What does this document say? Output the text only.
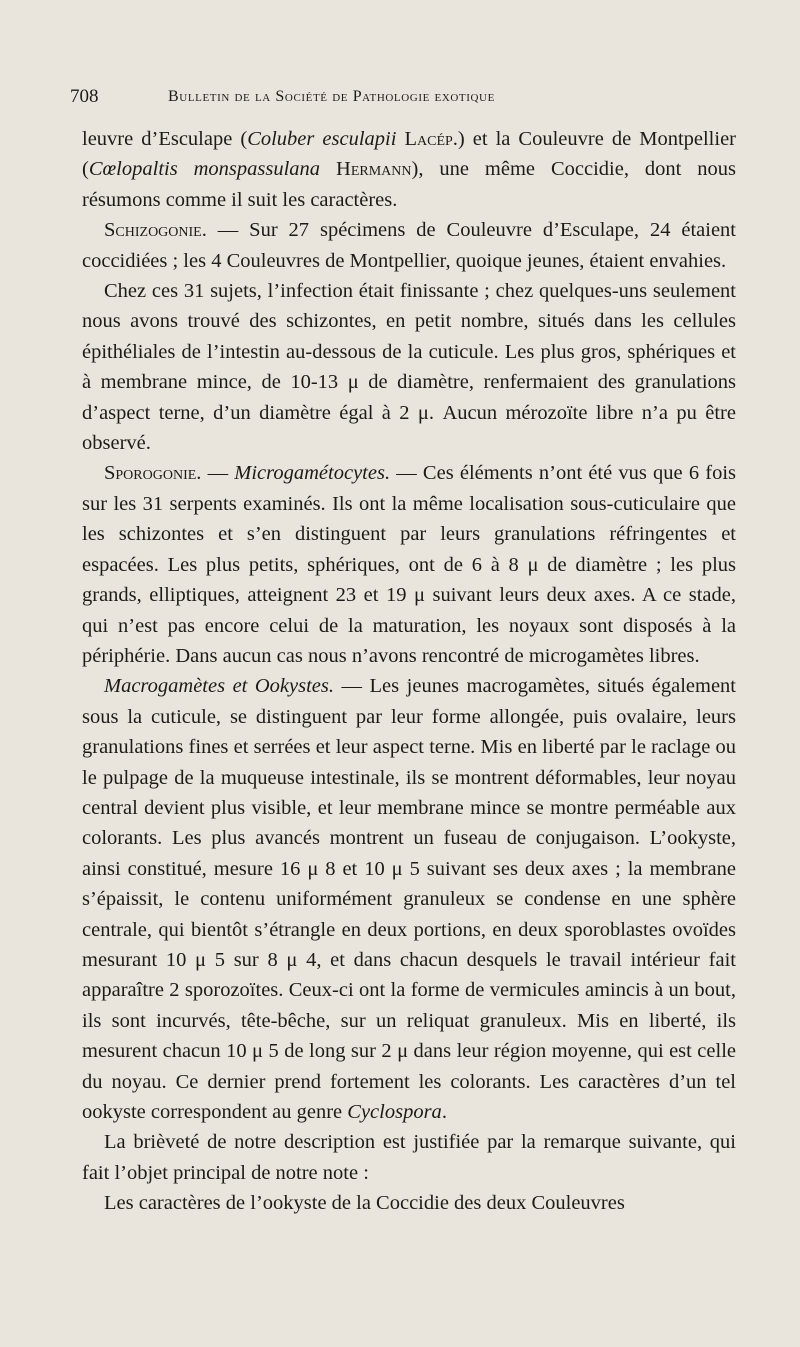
708	Bulletin de la Société de Pathologie exotique

leuvre d’Esculape (Coluber esculapii Lacép.) et la Couleuvre de Montpellier (Cœlopaltis monspassulana Hermann), une même Coccidie, dont nous résumons comme il suit les caractères.

Schizogonie. — Sur 27 spécimens de Couleuvre d’Esculape, 24 étaient coccidiées ; les 4 Couleuvres de Montpellier, quoique jeunes, étaient envahies.

Chez ces 31 sujets, l’infection était finissante ; chez quelques-uns seulement nous avons trouvé des schizontes, en petit nombre, situés dans les cellules épithéliales de l’intestin au-dessous de la cuticule. Les plus gros, sphériques et à membrane mince, de 10-13 μ de diamètre, renfermaient des granulations d’aspect terne, d’un diamètre égal à 2 μ. Aucun mérozoïte libre n’a pu être observé.

Sporogonie. — Microgamétocytes. — Ces éléments n’ont été vus que 6 fois sur les 31 serpents examinés. Ils ont la même localisation sous-cuticulaire que les schizontes et s’en distinguent par leurs granulations réfringentes et espacées. Les plus petits, sphériques, ont de 6 à 8 μ de diamètre ; les plus grands, elliptiques, atteignent 23 et 19 μ suivant leurs deux axes. A ce stade, qui n’est pas encore celui de la maturation, les noyaux sont disposés à la périphérie. Dans aucun cas nous n’avons rencontré de microgamètes libres.

Macrogamètes et Ookystes. — Les jeunes macrogamètes, situés également sous la cuticule, se distinguent par leur forme allongée, puis ovalaire, leurs granulations fines et serrées et leur aspect terne. Mis en liberté par le raclage ou le pulpage de la muqueuse intestinale, ils se montrent déformables, leur noyau central devient plus visible, et leur membrane mince se montre perméable aux colorants. Les plus avancés montrent un fuseau de conjugaison. L’ookyste, ainsi constitué, mesure 16 μ 8 et 10 μ 5 suivant ses deux axes ; la membrane s’épaissit, le contenu uniformément granuleux se condense en une sphère centrale, qui bientôt s’étrangle en deux portions, en deux sporoblastes ovoïdes mesurant 10 μ 5 sur 8 μ 4, et dans chacun desquels le travail intérieur fait apparaître 2 sporozoïtes. Ceux-ci ont la forme de vermicules amincis à un bout, ils sont incurvés, tête-bêche, sur un reliquat granuleux. Mis en liberté, ils mesurent chacun 10 μ 5 de long sur 2 μ dans leur région moyenne, qui est celle du noyau. Ce dernier prend fortement les colorants. Les caractères d’un tel ookyste correspondent au genre Cyclospora.

La brièveté de notre description est justifiée par la remarque suivante, qui fait l’objet principal de notre note :

Les caractères de l’ookyste de la Coccidie des deux Couleuvres
